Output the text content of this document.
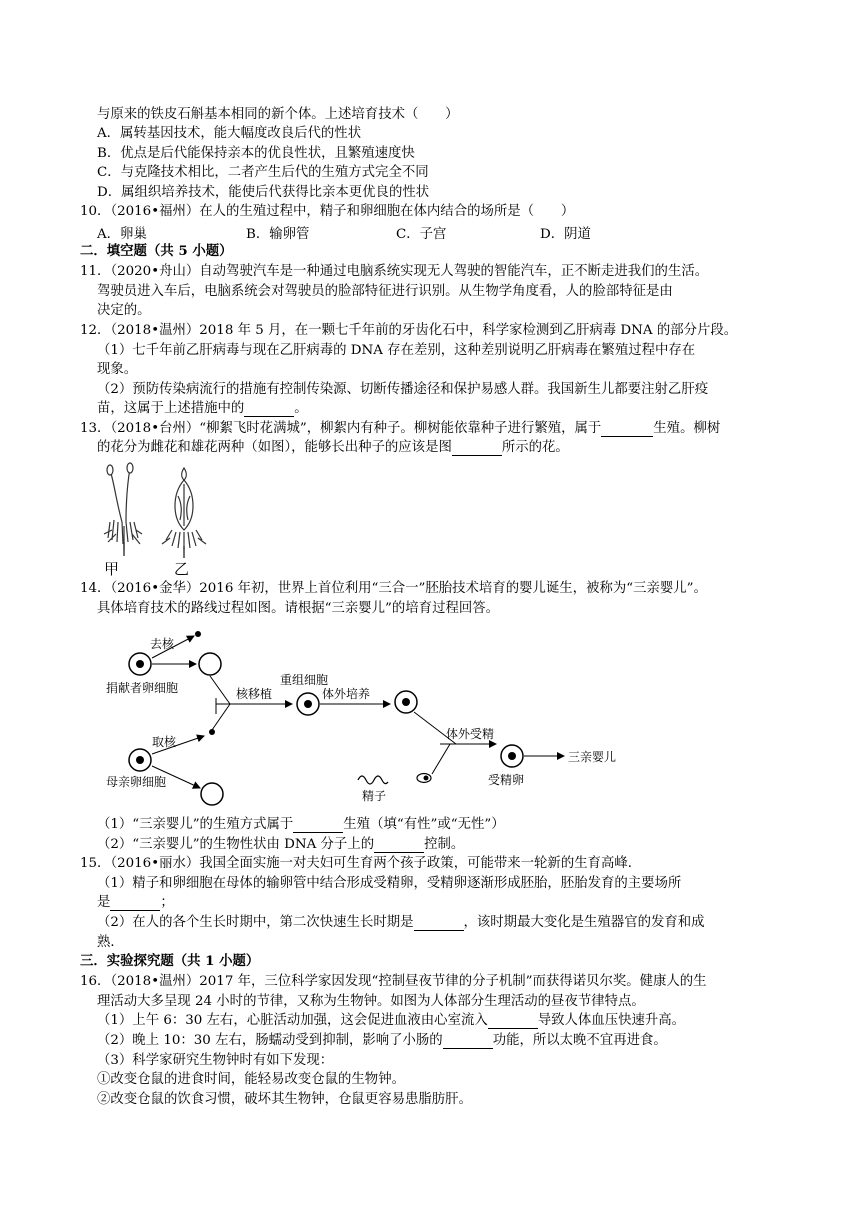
与原来的铁皮石斛基本相同的新个体。上述培育技术（　　）
A．属转基因技术，能大幅度改良后代的性状
B．优点是后代能保持亲本的优良性状，且繁殖速度快
C．与克隆技术相比，二者产生后代的生殖方式完全不同
D．属组织培养技术，能使后代获得比亲本更优良的性状
10．（2016•福州）在人的生殖过程中，精子和卵细胞在体内结合的场所是（　　）
A．卵巢	B．输卵管	C．子宫	D．阴道
二．填空题（共 5 小题）
11．（2020•舟山）自动驾驶汽车是一种通过电脑系统实现无人驾驶的智能汽车，正不断走进我们的生活。
驾驶员进入车后，电脑系统会对驾驶员的脸部特征进行识别。从生物学角度看，人的脸部特征是由
决定的。
12．（2018•温州）2018 年 5 月，在一颗七千年前的牙齿化石中，科学家检测到乙肝病毒 DNA 的部分片段。
（1）七千年前乙肝病毒与现在乙肝病毒的 DNA 存在差别，这种差别说明乙肝病毒在繁殖过程中存在
现象。
（2）预防传染病流行的措施有控制传染源、切断传播途径和保护易感人群。我国新生儿都要注射乙肝疫
苗，这属于上述措施中的	。
13．（2018•台州）“柳絮飞时花满城”，柳絮内有种子。柳树能依靠种子进行繁殖，属于	生殖。柳树
的花分为雌花和雄花两种（如图），能够长出种子的应该是图	所示的花。
甲	乙
14．（2016•金华）2016 年初，世界上首位利用“三合一”胚胎技术培育的婴儿诞生，被称为“三亲婴儿”。
具体培育技术的路线过程如图。请根据“三亲婴儿”的培育过程回答。
捐献者卵细胞
去核
核移植
重组细胞
体外培养
体外受精
精子
受精卵
三亲婴儿
母亲卵细胞
取核
（1）“三亲婴儿”的生殖方式属于	生殖（填“有性”或“无性”）
（2）“三亲婴儿”的生物性状由 DNA 分子上的	控制。
15．（2016•丽水）我国全面实施一对夫妇可生育两个孩子政策，可能带来一轮新的生育高峰．
（1）精子和卵细胞在母体的输卵管中结合形成受精卵，受精卵逐渐形成胚胎，胚胎发育的主要场所
是	；
（2）在人的各个生长时期中，第二次快速生长时期是	，该时期最大变化是生殖器官的发育和成
熟．
三．实验探究题（共 1 小题）
16．（2018•温州）2017 年，三位科学家因发现“控制昼夜节律的分子机制”而获得诺贝尔奖。健康人的生
理活动大多呈现 24 小时的节律，又称为生物钟。如图为人体部分生理活动的昼夜节律特点。
（1）上午 6：30 左右，心脏活动加强，这会促进血液由心室流入	导致人体血压快速升高。
（2）晚上 10：30 左右，肠蠕动受到抑制，影响了小肠的	功能，所以太晚不宜再进食。
（3）科学家研究生物钟时有如下发现：
①改变仓鼠的进食时间，能轻易改变仓鼠的生物钟。
②改变仓鼠的饮食习惯，破坏其生物钟，仓鼠更容易患脂肪肝。
